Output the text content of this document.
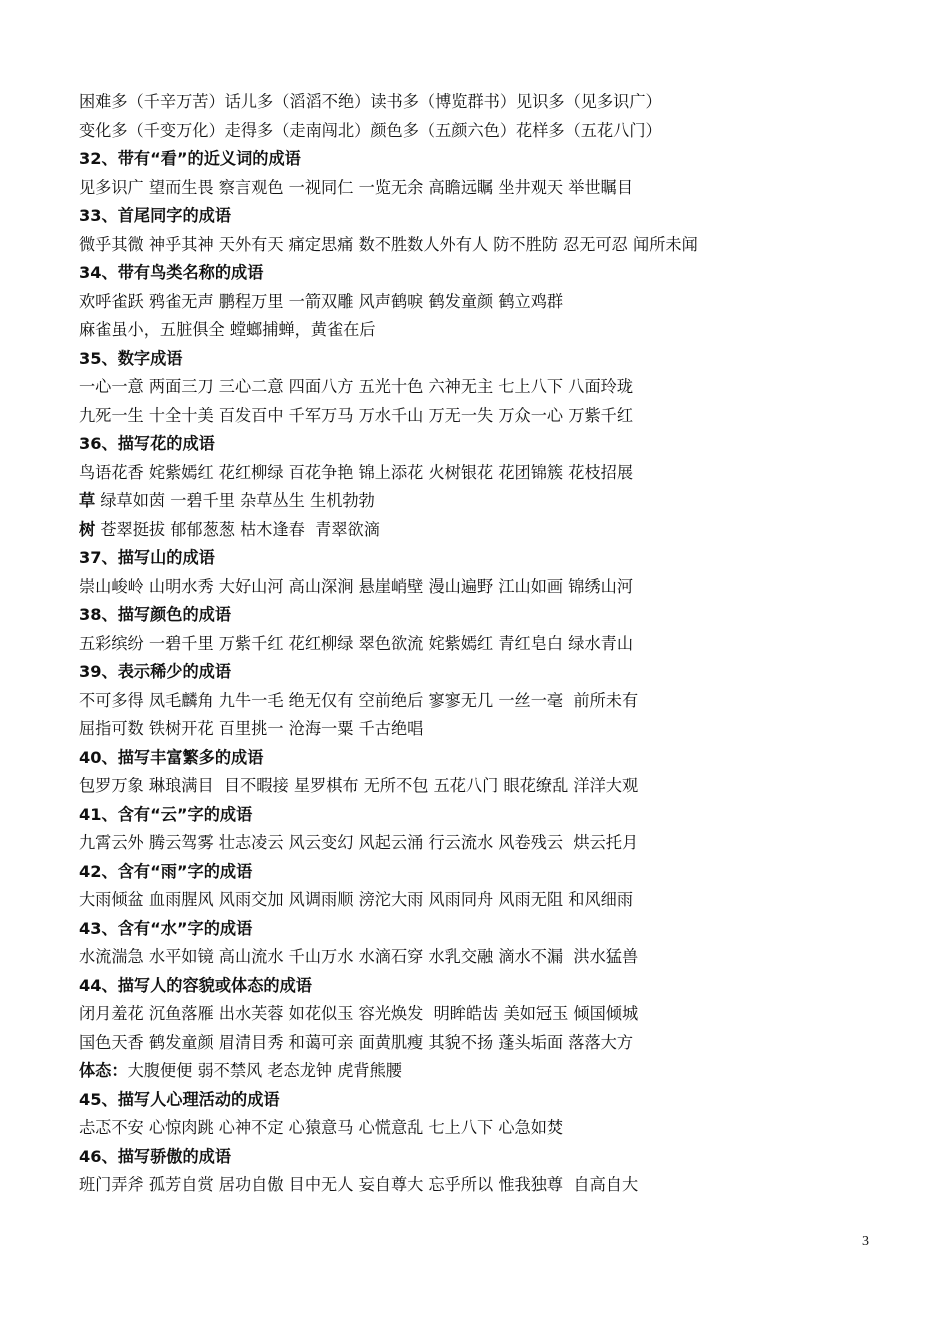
困难多（千辛万苦）话儿多（滔滔不绝）读书多（博览群书）见识多（见多识广）
变化多（千变万化）走得多（走南闯北）颜色多（五颜六色）花样多（五花八门）
32、带有“看”的近义词的成语
见多识广 望而生畏 察言观色 一视同仁 一览无余 高瞻远瞩 坐井观天 举世瞩目
33、首尾同字的成语
微乎其微 神乎其神 天外有天 痛定思痛 数不胜数人外有人 防不胜防 忍无可忍 闻所未闻
34、带有鸟类名称的成语
欢呼雀跃 鸦雀无声 鹏程万里 一箭双雕 风声鹤唳 鹤发童颜 鹤立鸡群
麻雀虽小，五脏俱全 螳螂捕蝉，黄雀在后
35、数字成语
一心一意 两面三刀 三心二意 四面八方 五光十色 六神无主 七上八下 八面玲珑
九死一生 十全十美 百发百中 千军万马 万水千山 万无一失 万众一心 万紫千红
36、描写花的成语
鸟语花香 姹紫嫣红 花红柳绿 百花争艳 锦上添花 火树银花 花团锦簇 花枝招展
草 绿草如茵 一碧千里 杂草丛生 生机勃勃
树 苍翠挺拔 郁郁葱葱 枯木逢春  青翠欲滴
37、描写山的成语
崇山峻岭 山明水秀 大好山河 高山深涧 悬崖峭壁 漫山遍野 江山如画 锦绣山河
38、描写颜色的成语
五彩缤纷 一碧千里 万紫千红 花红柳绿 翠色欲流 姹紫嫣红 青红皂白 绿水青山
39、表示稀少的成语
不可多得 凤毛麟角 九牛一毛 绝无仅有 空前绝后 寥寥无几 一丝一毫  前所未有
屈指可数 铁树开花 百里挑一 沧海一粟 千古绝唱
40、描写丰富繁多的成语
包罗万象 琳琅满目  目不暇接 星罗棋布 无所不包 五花八门 眼花缭乱 洋洋大观
41、含有“云”字的成语
九霄云外 腾云驾雾 壮志凌云 风云变幻 风起云涌 行云流水 风卷残云  烘云托月
42、含有“雨”字的成语
大雨倾盆 血雨腥风 风雨交加 风调雨顺 滂沱大雨 风雨同舟 风雨无阻 和风细雨
43、含有“水”字的成语
水流湍急 水平如镜 高山流水 千山万水 水滴石穿 水乳交融 滴水不漏  洪水猛兽
44、描写人的容貌或体态的成语
闭月羞花 沉鱼落雁 出水芙蓉 如花似玉 容光焕发  明眸皓齿 美如冠玉 倾国倾城
国色天香 鹤发童颜 眉清目秀 和蔼可亲 面黄肌瘦 其貌不扬 蓬头垢面 落落大方
体态：大腹便便 弱不禁风 老态龙钟 虎背熊腰
45、描写人心理活动的成语
忐忑不安 心惊肉跳 心神不定 心猿意马 心慌意乱 七上八下 心急如焚
46、描写骄傲的成语
班门弄斧 孤芳自赏 居功自傲 目中无人 妄自尊大 忘乎所以 惟我独尊  自高自大
3
